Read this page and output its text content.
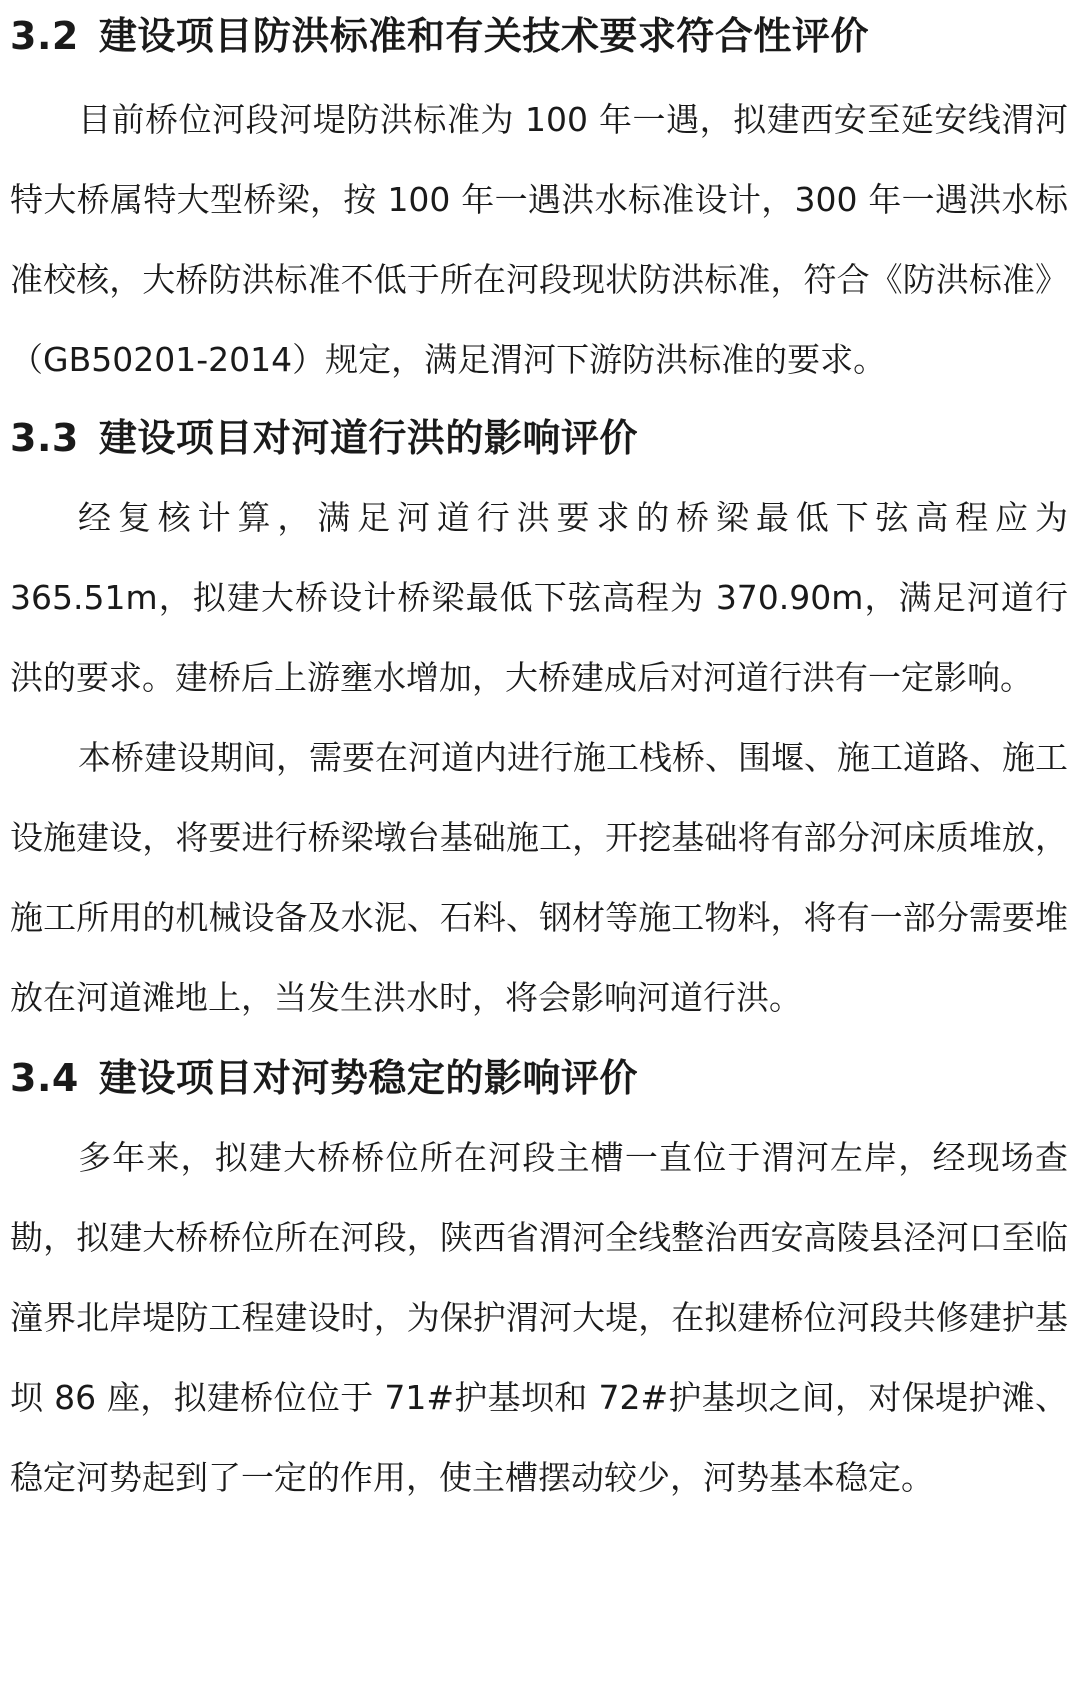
3.2 建设项目防洪标准和有关技术要求符合性评价

目前桥位河段河堤防洪标准为 100 年一遇，拟建西安至延安线渭河特大桥属特大型桥梁，按 100 年一遇洪水标准设计，300 年一遇洪水标准校核，大桥防洪标准不低于所在河段现状防洪标准，符合《防洪标准》（GB50201-2014）规定，满足渭河下游防洪标准的要求。

3.3 建设项目对河道行洪的影响评价

经复核计算，满足河道行洪要求的桥梁最低下弦高程应为 365.51m，拟建大桥设计桥梁最低下弦高程为 370.90m，满足河道行洪的要求。建桥后上游壅水增加，大桥建成后对河道行洪有一定影响。

本桥建设期间，需要在河道内进行施工栈桥、围堰、施工道路、施工设施建设，将要进行桥梁墩台基础施工，开挖基础将有部分河床质堆放，施工所用的机械设备及水泥、石料、钢材等施工物料，将有一部分需要堆放在河道滩地上，当发生洪水时，将会影响河道行洪。

3.4 建设项目对河势稳定的影响评价

多年来，拟建大桥桥位所在河段主槽一直位于渭河左岸，经现场查勘，拟建大桥桥位所在河段，陕西省渭河全线整治西安高陵县泾河口至临潼界北岸堤防工程建设时，为保护渭河大堤，在拟建桥位河段共修建护基坝 86 座，拟建桥位位于 71#护基坝和 72#护基坝之间，对保堤护滩、稳定河势起到了一定的作用，使主槽摆动较少，河势基本稳定。
